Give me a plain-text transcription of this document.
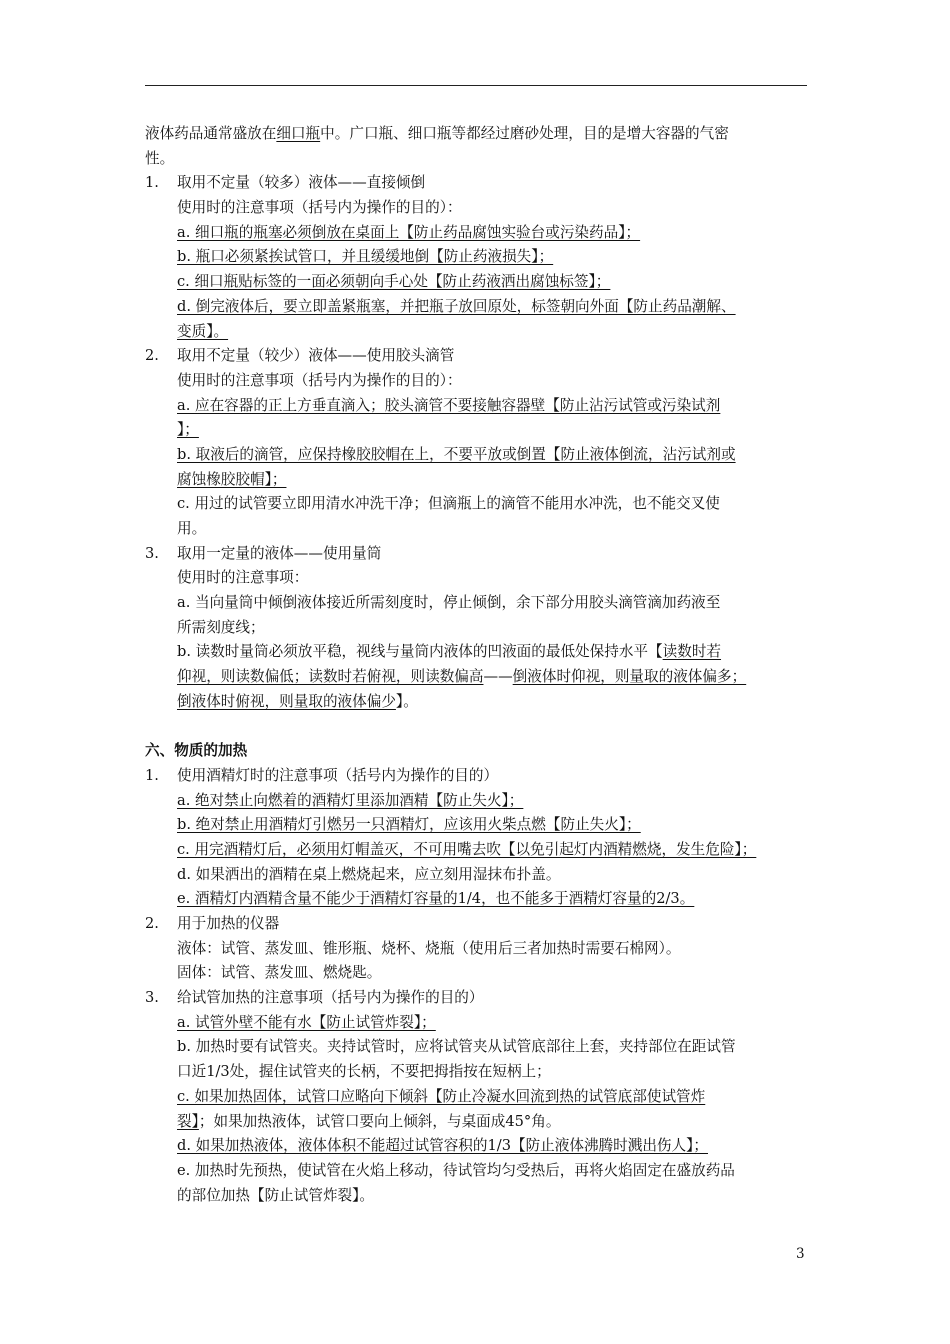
液体药品通常盛放在细口瓶中。广口瓶、细口瓶等都经过磨砂处理，目的是增大容器的气密
性。
1. 取用不定量（较多）液体——直接倾倒
使用时的注意事项（括号内为操作的目的）：
a. 细口瓶的瓶塞必须倒放在桌面上【防止药品腐蚀实验台或污染药品】；
b. 瓶口必须紧挨试管口，并且缓缓地倒【防止药液损失】；
c. 细口瓶贴标签的一面必须朝向手心处【防止药液洒出腐蚀标签】；
d. 倒完液体后，要立即盖紧瓶塞，并把瓶子放回原处，标签朝向外面【防止药品潮解、
变质】。
2. 取用不定量（较少）液体——使用胶头滴管
使用时的注意事项（括号内为操作的目的）：
a. 应在容器的正上方垂直滴入；胶头滴管不要接触容器壁【防止沾污试管或污染试剂
】；
b. 取液后的滴管，应保持橡胶胶帽在上，不要平放或倒置【防止液体倒流，沾污试剂或
腐蚀橡胶胶帽】；
c. 用过的试管要立即用清水冲洗干净；但滴瓶上的滴管不能用水冲洗，也不能交叉使
用。
3. 取用一定量的液体——使用量筒
使用时的注意事项：
a. 当向量筒中倾倒液体接近所需刻度时，停止倾倒，余下部分用胶头滴管滴加药液至
所需刻度线；
b. 读数时量筒必须放平稳，视线与量筒内液体的凹液面的最低处保持水平【读数时若
仰视，则读数偏低；读数时若俯视，则读数偏高——倒液体时仰视，则量取的液体偏多；
倒液体时俯视，则量取的液体偏少】。
六、物质的加热
1. 使用酒精灯时的注意事项（括号内为操作的目的）
a. 绝对禁止向燃着的酒精灯里添加酒精【防止失火】；
b. 绝对禁止用酒精灯引燃另一只酒精灯，应该用火柴点燃【防止失火】；
c. 用完酒精灯后，必须用灯帽盖灭，不可用嘴去吹【以免引起灯内酒精燃烧，发生危险】；
d. 如果洒出的酒精在桌上燃烧起来，应立刻用湿抹布扑盖。
e. 酒精灯内酒精含量不能少于酒精灯容量的1/4，也不能多于酒精灯容量的2/3。
2. 用于加热的仪器
液体：试管、蒸发皿、锥形瓶、烧杯、烧瓶（使用后三者加热时需要石棉网）。
固体：试管、蒸发皿、燃烧匙。
3. 给试管加热的注意事项（括号内为操作的目的）
a. 试管外壁不能有水【防止试管炸裂】；
b. 加热时要有试管夹。夹持试管时，应将试管夹从试管底部往上套，夹持部位在距试管
口近1/3处，握住试管夹的长柄，不要把拇指按在短柄上；
c. 如果加热固体，试管口应略向下倾斜【防止冷凝水回流到热的试管底部使试管炸
裂】；如果加热液体，试管口要向上倾斜，与桌面成45°角。
d. 如果加热液体，液体体积不能超过试管容积的1/3【防止液体沸腾时溅出伤人】；
e. 加热时先预热，使试管在火焰上移动，待试管均匀受热后，再将火焰固定在盛放药品
的部位加热【防止试管炸裂】。
3
